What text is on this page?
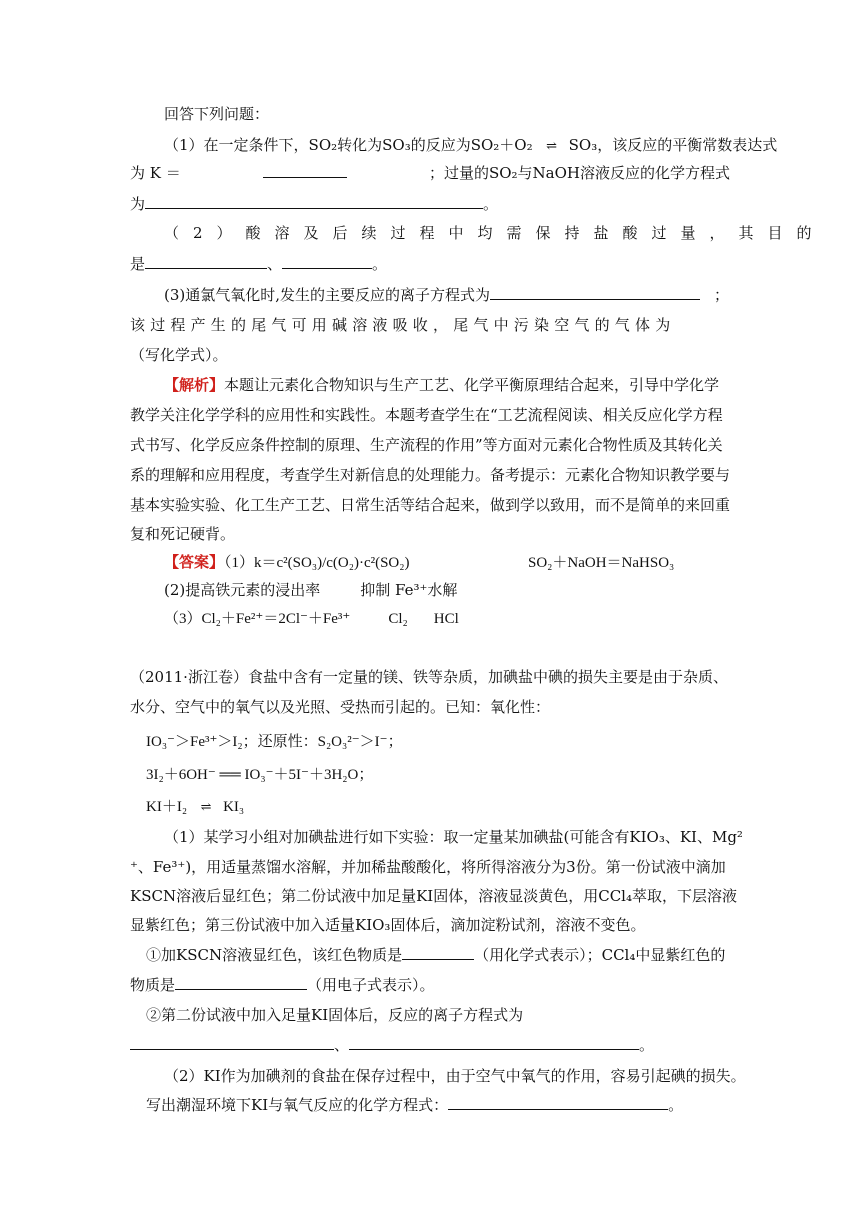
回答下列问题：
（1）在一定条件下，SO₂转化为SO₃的反应为SO₂＋O₂ ⇌ SO₃，该反应的平衡常数表达式
为 K ＝	；过量的SO₂与NaOH溶液反应的化学方程式
为	。
（2）酸溶及后续过程中均需保持盐酸过量，其目的
是	、	。
(3)通氯气氧化时,发生的主要反应的离子方程式为	；
该过程产生的尾气可用碱溶液吸收，尾气中污染空气的气体为
（写化学式）。
【解析】本题让元素化合物知识与生产工艺、化学平衡原理结合起来，引导中学化学
教学关注化学学科的应用性和实践性。本题考查学生在“工艺流程阅读、相关反应化学方程
式书写、化学反应条件控制的原理、生产流程的作用”等方面对元素化合物性质及其转化关
系的理解和应用程度，考查学生对新信息的处理能力。备考提示：元素化合物知识教学要与
基本实验实验、化工生产工艺、日常生活等结合起来，做到学以致用，而不是简单的来回重
复和死记硬背。
【答案】（1）k＝c²(SO₃)/c(O₂)·c²(SO₂)	SO₂＋NaOH＝NaHSO₃
(2)提高铁元素的浸出率	抑制 Fe³⁺水解
（3）Cl₂＋Fe²⁺＝2Cl⁻＋Fe³⁺	Cl₂ HCl
（2011·浙江卷）食盐中含有一定量的镁、铁等杂质，加碘盐中碘的损失主要是由于杂质、
水分、空气中的氧气以及光照、受热而引起的。已知：氧化性：
IO₃⁻＞Fe³⁺＞I₂；还原性：S₂O₃²⁻＞I⁻；
3I₂＋6OH⁻ ══ IO₃⁻＋5I⁻＋3H₂O；
KI＋I₂ ⇌ KI₃
（1）某学习小组对加碘盐进行如下实验：取一定量某加碘盐(可能含有KIO₃、KI、Mg²
⁺、Fe³⁺)，用适量蒸馏水溶解，并加稀盐酸酸化，将所得溶液分为3份。第一份试液中滴加
KSCN溶液后显红色；第二份试液中加足量KI固体，溶液显淡黄色，用CCl₄萃取，下层溶液
显紫红色；第三份试液中加入适量KIO₃固体后，滴加淀粉试剂，溶液不变色。
①加KSCN溶液显红色，该红色物质是	（用化学式表示）；CCl₄中显紫红色的
物质是	（用电子式表示）。
②第二份试液中加入足量KI固体后，反应的离子方程式为
、	。
（2）KI作为加碘剂的食盐在保存过程中，由于空气中氧气的作用，容易引起碘的损失。
写出潮湿环境下KI与氧气反应的化学方程式：	。
